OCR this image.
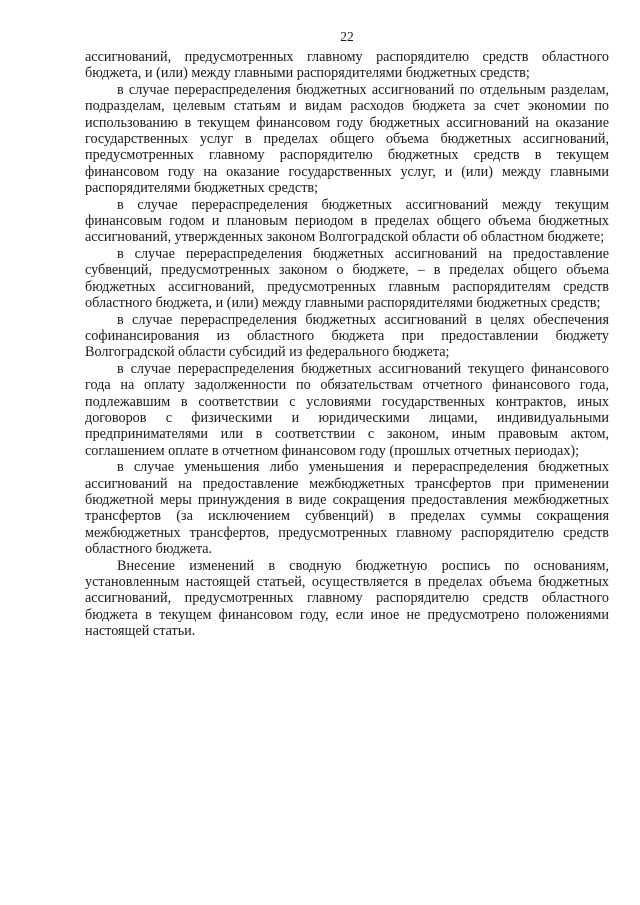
22

ассигнований, предусмотренных главному распорядителю средств областного бюджета, и (или) между главными распорядителями бюджетных средств;

в случае перераспределения бюджетных ассигнований по отдельным разделам, подразделам, целевым статьям и видам расходов бюджета за счет экономии по использованию в текущем финансовом году бюджетных ассигнований на оказание государственных услуг в пределах общего объема бюджетных ассигнований, предусмотренных главному распорядителю бюджетных средств в текущем финансовом году на оказание государственных услуг, и (или) между главными распорядителями бюджетных средств;

в случае перераспределения бюджетных ассигнований между текущим финансовым годом и плановым периодом в пределах общего объема бюджетных ассигнований, утвержденных законом Волгоградской области об областном бюджете;

в случае перераспределения бюджетных ассигнований на предоставление субвенций, предусмотренных законом о бюджете, – в пределах общего объема бюджетных ассигнований, предусмотренных главным распорядителям средств областного бюджета, и (или) между главными распорядителями бюджетных средств;

в случае перераспределения бюджетных ассигнований в целях обеспечения софинансирования из областного бюджета при предоставлении бюджету Волгоградской области субсидий из федерального бюджета;

в случае перераспределения бюджетных ассигнований текущего финансового года на оплату задолженности по обязательствам отчетного финансового года, подлежавшим в соответствии с условиями государственных контрактов, иных договоров с физическими и юридическими лицами, индивидуальными предпринимателями или в соответствии с законом, иным правовым актом, соглашением оплате в отчетном финансовом году (прошлых отчетных периодах);

в случае уменьшения либо уменьшения и перераспределения бюджетных ассигнований на предоставление межбюджетных трансфертов при применении бюджетной меры принуждения в виде сокращения предоставления межбюджетных трансфертов (за исключением субвенций) в пределах суммы сокращения межбюджетных трансфертов, предусмотренных главному распорядителю средств областного бюджета.

Внесение изменений в сводную бюджетную роспись по основаниям, установленным настоящей статьей, осуществляется в пределах объема бюджетных ассигнований, предусмотренных главному распорядителю средств областного бюджета в текущем финансовом году, если иное не предусмотрено положениями настоящей статьи.
